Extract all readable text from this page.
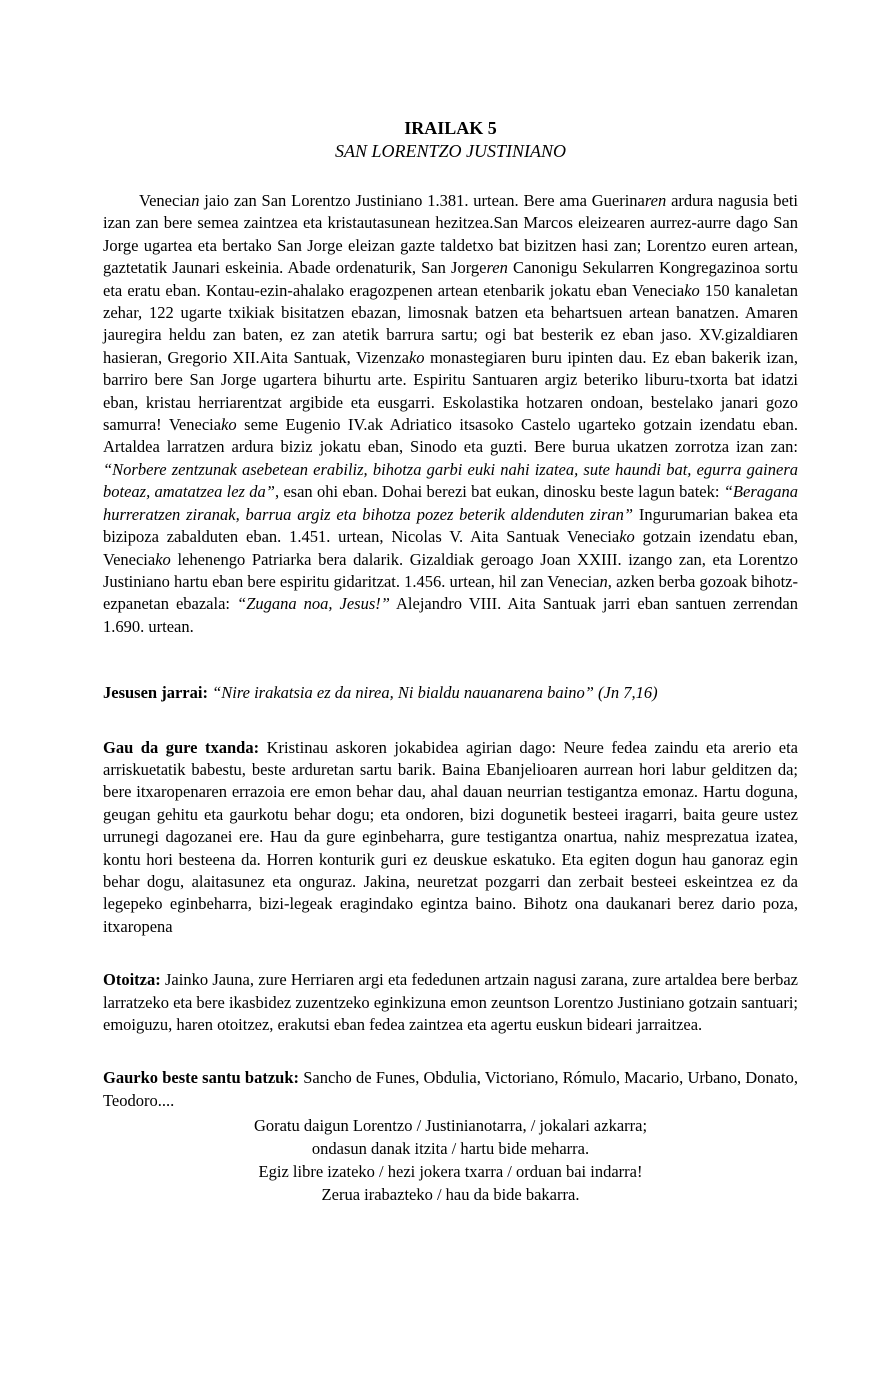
IRAILAK 5
SAN LORENTZO JUSTINIANO

Venecian jaio zan San Lorentzo Justiniano 1.381. urtean. Bere ama Guerinaren ardura nagusia beti izan zan bere semea zaintzea eta kristautasunean hezitzea.San Marcos eleizearen aurrez-aurre dago San Jorge ugartea eta bertako San Jorge eleizan gazte taldetxo bat bizitzen hasi zan; Lorentzo euren artean, gaztetatik Jaunari eskeinia. Abade ordenaturik, San Jorgeren Canonigu Sekularren Kongregazinoa sortu eta eratu eban. Kontau-ezin-ahalako eragozpenen artean etenbarik jokatu eban Veneciako 150 kanaletan zehar, 122 ugarte txikiak bisitatzen ebazan, limosnak batzen eta behartsuen artean banatzen. Amaren jauregira heldu zan baten, ez zan atetik barrura sartu; ogi bat besterik ez eban jaso. XV.gizaldiaren hasieran, Gregorio XII.Aita Santuak, Vizenzako monastegiaren buru ipinten dau. Ez eban bakerik izan, barriro bere San Jorge ugartera bihurtu arte. Espiritu Santuaren argiz beteriko liburu-txorta bat idatzi eban, kristau herriarentzat argibide eta eusgarri. Eskolastika hotzaren ondoan, bestelako janari gozo samurra! Veneciako seme Eugenio IV.ak Adriatico itsasoko Castelo ugarteko gotzain izendatu eban. Artaldea larratzen ardura biziz jokatu eban, Sinodo eta guzti. Bere burua ukatzen zorrotza izan zan: “Norbere zentzunak asebetean erabiliz, bihotza garbi euki nahi izatea, sute haundi bat, egurra gainera boteaz, amatatzea lez da”, esan ohi eban. Dohai berezi bat eukan, dinosku beste lagun batek: “Beragana hurreratzen ziranak, barrua argiz eta bihotza pozez beterik aldenduten ziran” Ingurumarian bakea eta bizipoza zabalduten eban. 1.451. urtean, Nicolas V. Aita Santuak Veneciako gotzain izendatu eban, Veneciako lehenengo Patriarka bera dalarik. Gizaldiak geroago Joan XXIII. izango zan, eta Lorentzo Justiniano hartu eban bere espiritu gidaritzat. 1.456. urtean, hil zan Venecian, azken berba gozoak bihotz-ezpanetan ebazala: “Zugana noa, Jesus!” Alejandro VIII. Aita Santuak jarri eban santuen zerrendan 1.690. urtean.

Jesusen jarrai: “Nire irakatsia ez da nirea, Ni bialdu nauanarena baino” (Jn 7,16)

Gau da gure txanda: Kristinau askoren jokabidea agirian dago: Neure fedea zaindu eta arerio eta arriskuetatik babestu, beste arduretan sartu barik. Baina Ebanjelioaren aurrean hori labur gelditzen da; bere itxaropenaren errazoia ere emon behar dau, ahal dauan neurrian testigantza emonaz. Hartu doguna, geugan gehitu eta gaurkotu behar dogu; eta ondoren, bizi dogunetik besteei iragarri, baita geure ustez urrunegi dagozanei ere. Hau da gure eginbeharra, gure testigantza onartua, nahiz mesprezatua izatea, kontu hori besteena da. Horren konturik guri ez deuskue eskatuko. Eta egiten dogun hau ganoraz egin behar dogu, alaitasunez eta onguraz. Jakina, neuretzat pozgarri dan zerbait besteei eskeintzea ez da legepeko eginbeharra, bizi-legeak eragindako egintza baino. Bihotz ona daukanari berez dario poza, itxaropena

Otoitza: Jainko Jauna, zure Herriaren argi eta fededunen artzain nagusi zarana, zure artaldea bere berbaz larratzeko eta bere ikasbidez zuzentzeko eginkizuna emon zeuntson Lorentzo Justiniano gotzain santuari; emoiguzu, haren otoitzez, erakutsi eban fedea zaintzea eta agertu euskun bideari jarraitzea.

Gaurko beste santu batzuk: Sancho de Funes, Obdulia, Victoriano, Rómulo, Macario, Urbano, Donato, Teodoro....

Goratu daigun Lorentzo / Justinianotarra, / jokalari azkarra;
ondasun danak itzita / hartu bide meharra.
Egiz libre izateko / hezi jokera txarra / orduan bai indarra!
Zerua irabazteko / hau da bide bakarra.
